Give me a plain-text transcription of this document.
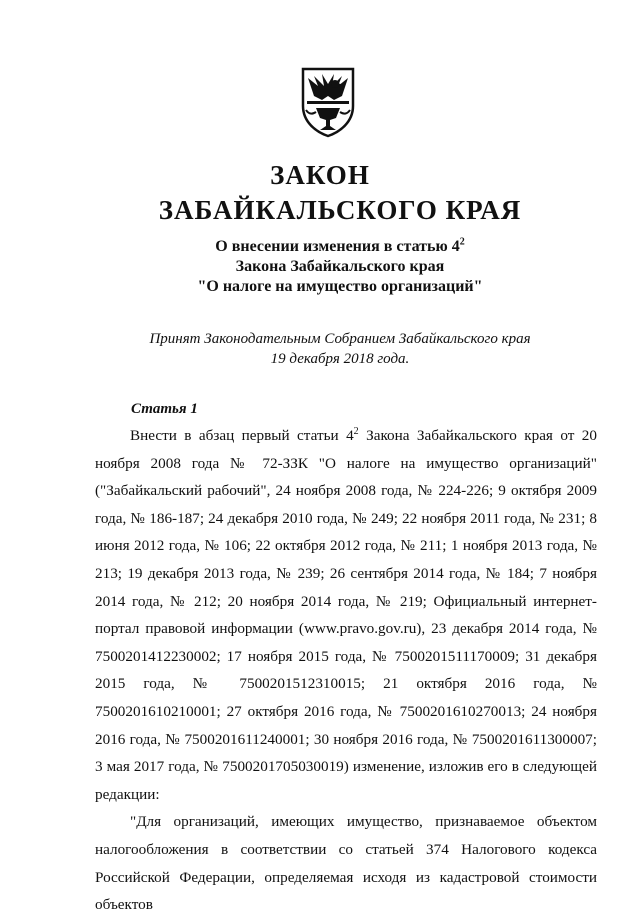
ЗАКОН
ЗАБАЙКАЛЬСКОГО КРАЯ
О внесении изменения в статью $4^2$
Закона Забайкальского края
"О налоге на имущество организаций"
Принят Законодательным Собранием Забайкальского края
19 декабря 2018 года.
Статья 1

Внести в абзац первый статьи $4^2$ Закона Забайкальского края от 20 ноября 2008 года № 72-ЗЗК "О налоге на имущество организаций" ("Забайкальский рабочий", 24 ноября 2008 года, № 224-226; 9 октября 2009 года, № 186-187; 24 декабря 2010 года, № 249; 22 ноября 2011 года, № 231; 8 июня 2012 года, № 106; 22 октября 2012 года, № 211; 1 ноября 2013 года, № 213; 19 декабря 2013 года, № 239; 26 сентября 2014 года, № 184; 7 ноября 2014 года, № 212; 20 ноября 2014 года, № 219; Официальный интернет-портал правовой информации (www.pravo.gov.ru), 23 декабря 2014 года, № 7500201412230002; 17 ноября 2015 года, № 7500201511170009; 31 декабря 2015 года, № 7500201512310015; 21 октября 2016 года, № 7500201610210001; 27 октября 2016 года, № 7500201610270013; 24 ноября 2016 года, № 7500201611240001; 30 ноября 2016 года, № 7500201611300007; 3 мая 2017 года, № 7500201705030019) изменение, изложив его в следующей редакции:

"Для организаций, имеющих имущество, признаваемое объектом налогообложения в соответствии со статьей 374 Налогового кодекса Российской Федерации, определяемая исходя из кадастровой стоимости объектов
